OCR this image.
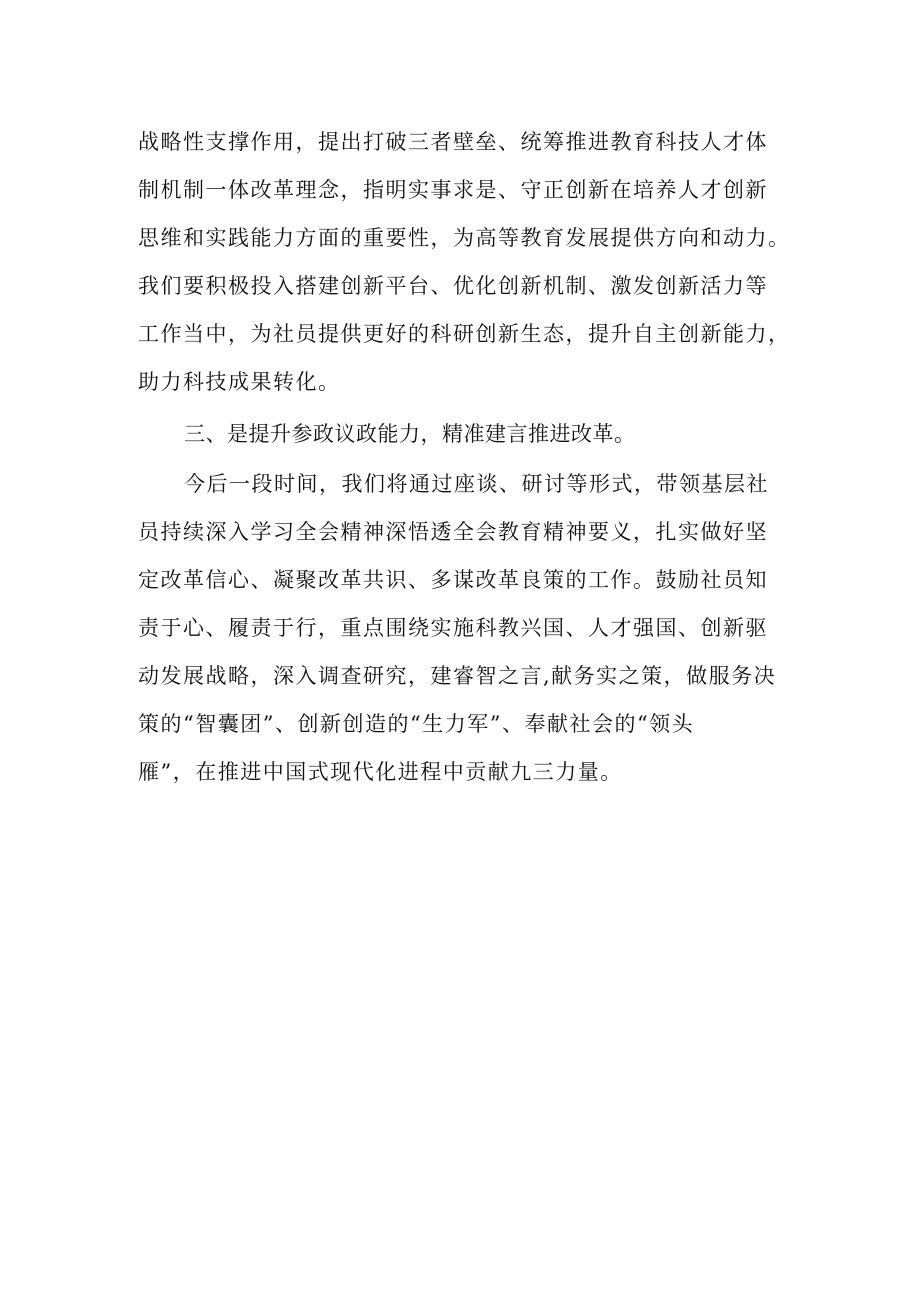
战略性支撑作用，提出打破三者壁垒、统筹推进教育科技人才体
制机制一体改革理念，指明实事求是、守正创新在培养人才创新
思维和实践能力方面的重要性，为高等教育发展提供方向和动力。
我们要积极投入搭建创新平台、优化创新机制、激发创新活力等
工作当中，为社员提供更好的科研创新生态，提升自主创新能力，
助力科技成果转化。
三、是提升参政议政能力，精准建言推进改革。
今后一段时间，我们将通过座谈、研讨等形式，带领基层社
员持续深入学习全会精神深悟透全会教育精神要义，扎实做好坚
定改革信心、凝聚改革共识、多谋改革良策的工作。鼓励社员知
责于心、履责于行，重点围绕实施科教兴国、人才强国、创新驱
动发展战略，深入调查研究，建睿智之言,献务实之策，做服务决
策的“智囊团”、创新创造的“生力军”、奉献社会的“领头
雁”，在推进中国式现代化进程中贡献九三力量。
